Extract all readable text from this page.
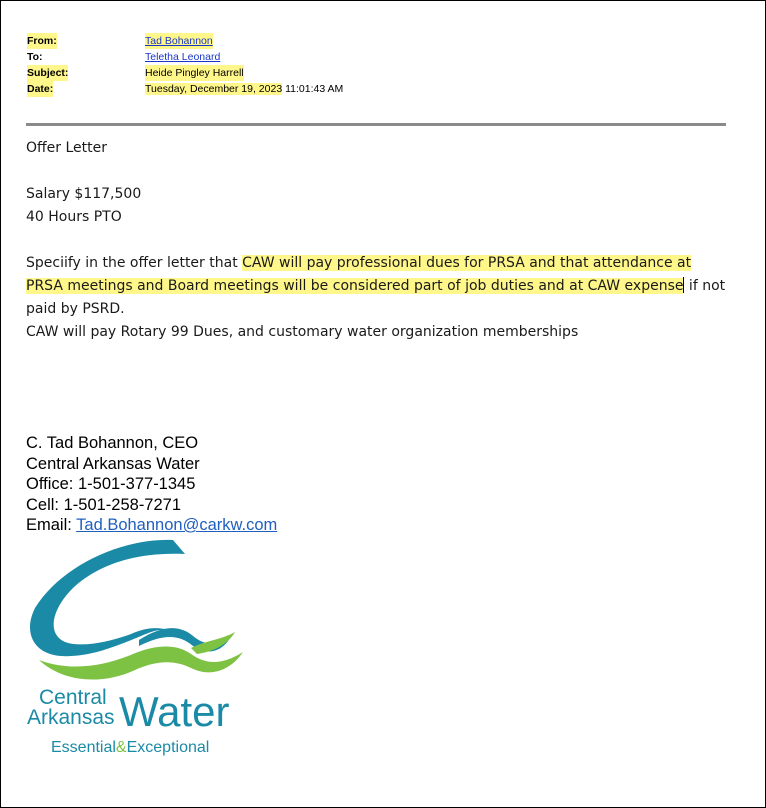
From:	Tad Bohannon
To:	Teletha Leonard
Subject:	Heide Pingley Harrell
Date:	Tuesday, December 19, 2023 11:01:43 AM

Offer Letter

Salary $117,500

40 Hours PTO

Speciify in the offer letter that CAW will pay professional dues for PRSA and that attendance at PRSA meetings and Board meetings will be considered part of job duties and at CAW expense if not paid by PSRD.

CAW will pay Rotary 99 Dues, and customary water organization memberships

C. Tad Bohannon, CEO
Central Arkansas Water
Office: 1-501-377-1345
Cell: 1-501-258-7271
Email: Tad.Bohannon@carkw.com
Central
Arkansas Water
Essential&Exceptional
